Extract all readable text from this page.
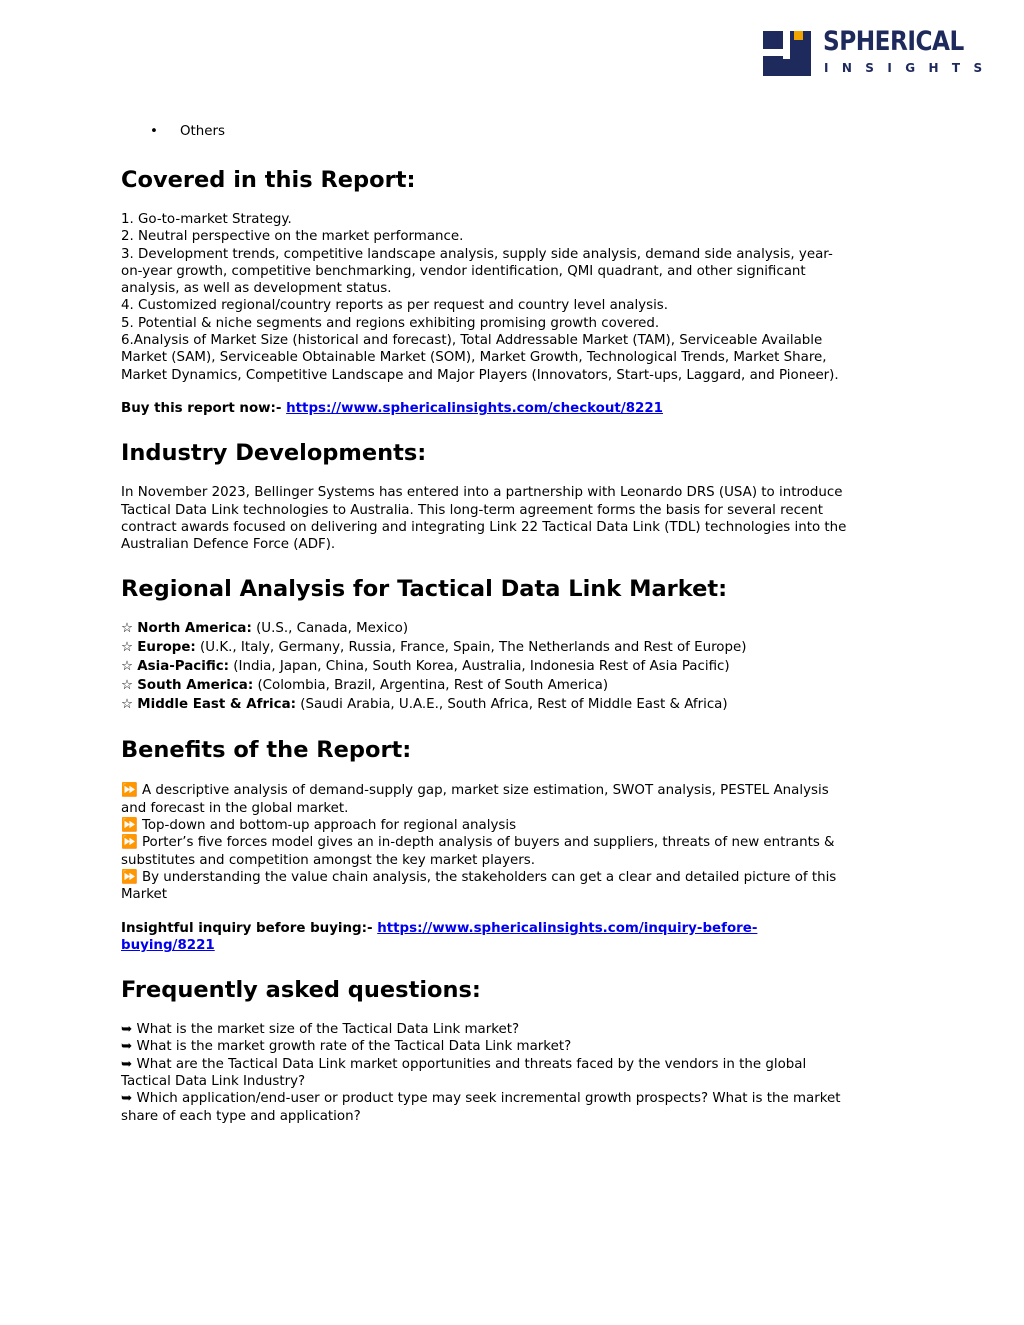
SPHERICAL
INSIGHTS
• Others
Covered in this Report:
1. Go-to-market Strategy.
2. Neutral perspective on the market performance.
3. Development trends, competitive landscape analysis, supply side analysis, demand side analysis, year-
on-year growth, competitive benchmarking, vendor identification, QMI quadrant, and other significant
analysis, as well as development status.
4. Customized regional/country reports as per request and country level analysis.
5. Potential & niche segments and regions exhibiting promising growth covered.
6.Analysis of Market Size (historical and forecast), Total Addressable Market (TAM), Serviceable Available
Market (SAM), Serviceable Obtainable Market (SOM), Market Growth, Technological Trends, Market Share,
Market Dynamics, Competitive Landscape and Major Players (Innovators, Start-ups, Laggard, and Pioneer).

Buy this report now:- https://www.sphericalinsights.com/checkout/8221

Industry Developments:
In November 2023, Bellinger Systems has entered into a partnership with Leonardo DRS (USA) to introduce
Tactical Data Link technologies to Australia. This long-term agreement forms the basis for several recent
contract awards focused on delivering and integrating Link 22 Tactical Data Link (TDL) technologies into the
Australian Defence Force (ADF).
Regional Analysis for Tactical Data Link Market:
☆ North America: (U.S., Canada, Mexico)
☆ Europe: (U.K., Italy, Germany, Russia, France, Spain, The Netherlands and Rest of Europe)
☆ Asia-Pacific: (India, Japan, China, South Korea, Australia, Indonesia Rest of Asia Pacific)
☆ South America: (Colombia, Brazil, Argentina, Rest of South America)
☆ Middle East & Africa: (Saudi Arabia, U.A.E., South Africa, Rest of Middle East & Africa)
Benefits of the Report:
⏩ A descriptive analysis of demand-supply gap, market size estimation, SWOT analysis, PESTEL Analysis
and forecast in the global market.
⏩ Top-down and bottom-up approach for regional analysis
⏩ Porter’s five forces model gives an in-depth analysis of buyers and suppliers, threats of new entrants &
substitutes and competition amongst the key market players.
⏩ By understanding the value chain analysis, the stakeholders can get a clear and detailed picture of this
Market

Insightful inquiry before buying:- https://www.sphericalinsights.com/inquiry-before-
buying/8221

Frequently asked questions:
➥ What is the market size of the Tactical Data Link market?
➥ What is the market growth rate of the Tactical Data Link market?
➥ What are the Tactical Data Link market opportunities and threats faced by the vendors in the global
Tactical Data Link Industry?
➥ Which application/end-user or product type may seek incremental growth prospects? What is the market
share of each type and application?
